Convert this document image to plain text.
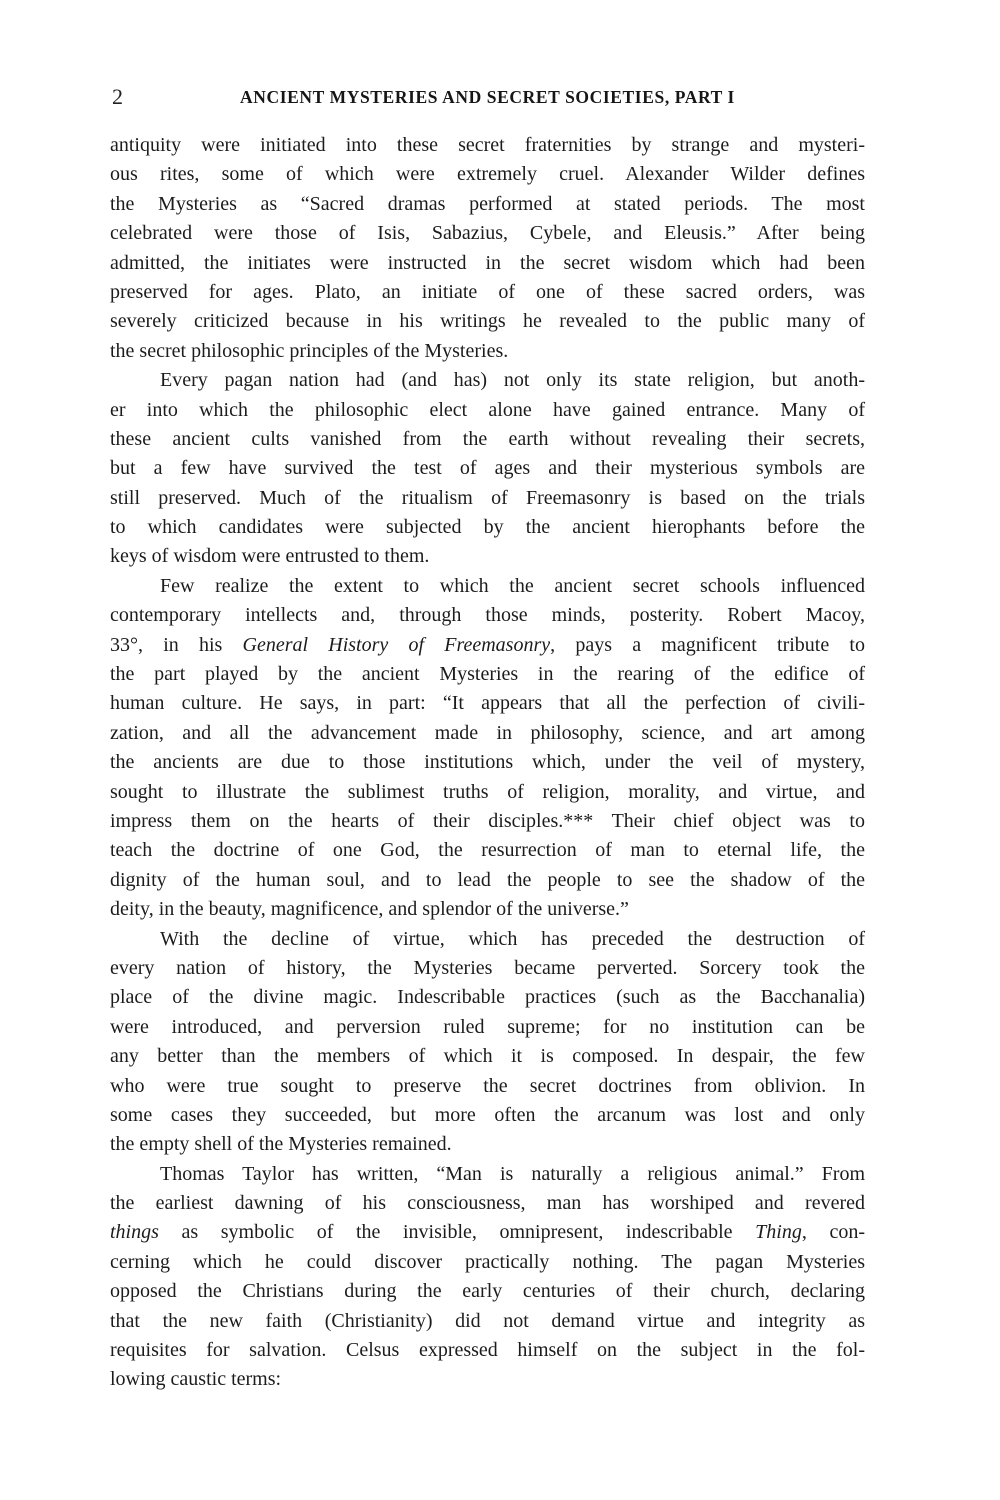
2	ANCIENT MYSTERIES AND SECRET SOCIETIES, PART I
antiquity were initiated into these secret fraternities by strange and mysteri-
ous rites, some of which were extremely cruel. Alexander Wilder defines
the Mysteries as “Sacred dramas performed at stated periods. The most
celebrated were those of Isis, Sabazius, Cybele, and Eleusis.” After being
admitted, the initiates were instructed in the secret wisdom which had been
preserved for ages. Plato, an initiate of one of these sacred orders, was
severely criticized because in his writings he revealed to the public many of
the secret philosophic principles of the Mysteries.
Every pagan nation had (and has) not only its state religion, but anoth-
er into which the philosophic elect alone have gained entrance. Many of
these ancient cults vanished from the earth without revealing their secrets,
but a few have survived the test of ages and their mysterious symbols are
still preserved. Much of the ritualism of Freemasonry is based on the trials
to which candidates were subjected by the ancient hierophants before the
keys of wisdom were entrusted to them.
Few realize the extent to which the ancient secret schools influenced
contemporary intellects and, through those minds, posterity. Robert Macoy,
33°, in his General History of Freemasonry, pays a magnificent tribute to
the part played by the ancient Mysteries in the rearing of the edifice of
human culture. He says, in part: “It appears that all the perfection of civili-
zation, and all the advancement made in philosophy, science, and art among
the ancients are due to those institutions which, under the veil of mystery,
sought to illustrate the sublimest truths of religion, morality, and virtue, and
impress them on the hearts of their disciples.*** Their chief object was to
teach the doctrine of one God, the resurrection of man to eternal life, the
dignity of the human soul, and to lead the people to see the shadow of the
deity, in the beauty, magnificence, and splendor of the universe.”
With the decline of virtue, which has preceded the destruction of
every nation of history, the Mysteries became perverted. Sorcery took the
place of the divine magic. Indescribable practices (such as the Bacchanalia)
were introduced, and perversion ruled supreme; for no institution can be
any better than the members of which it is composed. In despair, the few
who were true sought to preserve the secret doctrines from oblivion. In
some cases they succeeded, but more often the arcanum was lost and only
the empty shell of the Mysteries remained.
Thomas Taylor has written, “Man is naturally a religious animal.” From
the earliest dawning of his consciousness, man has worshiped and revered
things as symbolic of the invisible, omnipresent, indescribable Thing, con-
cerning which he could discover practically nothing. The pagan Mysteries
opposed the Christians during the early centuries of their church, declaring
that the new faith (Christianity) did not demand virtue and integrity as
requisites for salvation. Celsus expressed himself on the subject in the fol-
lowing caustic terms:
